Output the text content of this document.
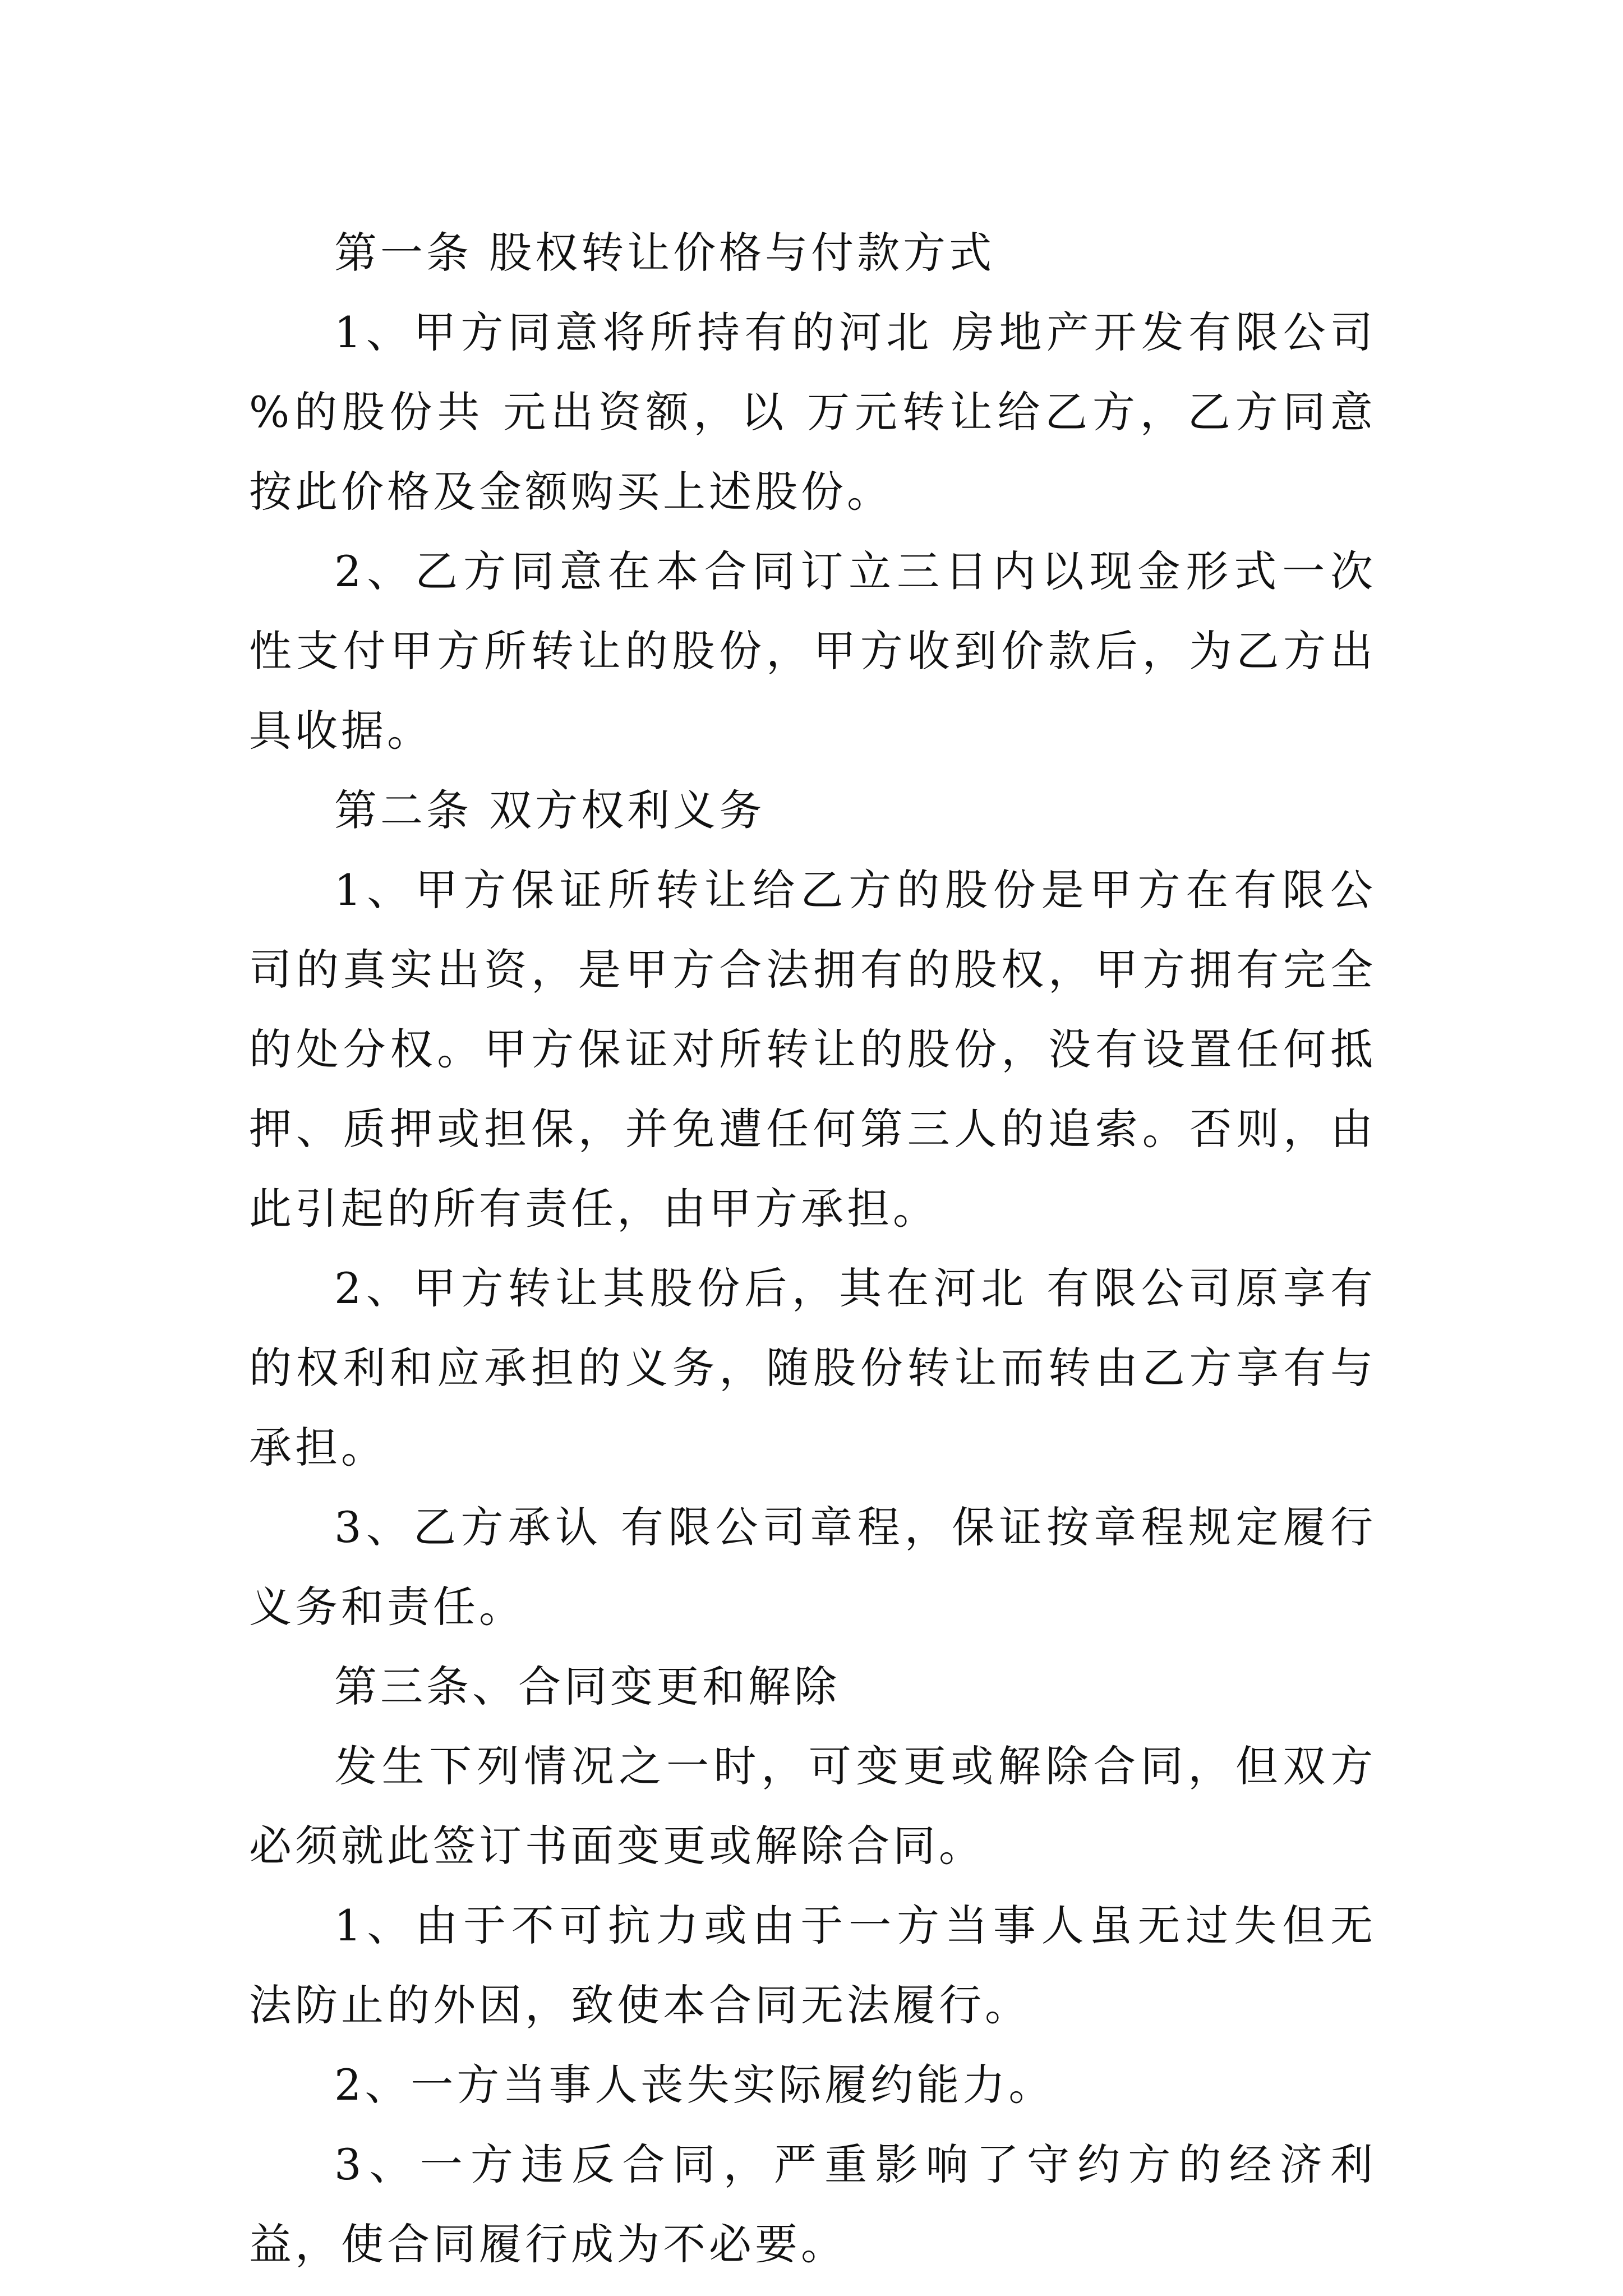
第一条 股权转让价格与付款方式

1、甲方同意将所持有的河北 房地产开发有限公司 %的股份共 元出资额，以 万元转让给乙方，乙方同意按此价格及金额购买上述股份。

2、乙方同意在本合同订立三日内以现金形式一次性支付甲方所转让的股份，甲方收到价款后，为乙方出具收据。

第二条 双方权利义务

1、甲方保证所转让给乙方的股份是甲方在有限公司的真实出资，是甲方合法拥有的股权，甲方拥有完全的处分权。甲方保证对所转让的股份，没有设置任何抵押、质押或担保，并免遭任何第三人的追索。否则，由此引起的所有责任，由甲方承担。

2、甲方转让其股份后，其在河北 有限公司原享有的权利和应承担的义务，随股份转让而转由乙方享有与承担。

3、乙方承认 有限公司章程，保证按章程规定履行义务和责任。

第三条、合同变更和解除

发生下列情况之一时，可变更或解除合同，但双方必须就此签订书面变更或解除合同。

1、由于不可抗力或由于一方当事人虽无过失但无法防止的外因，致使本合同无法履行。

2、一方当事人丧失实际履约能力。

3、一方违反合同，严重影响了守约方的经济利益，使合同履行成为不必要。
